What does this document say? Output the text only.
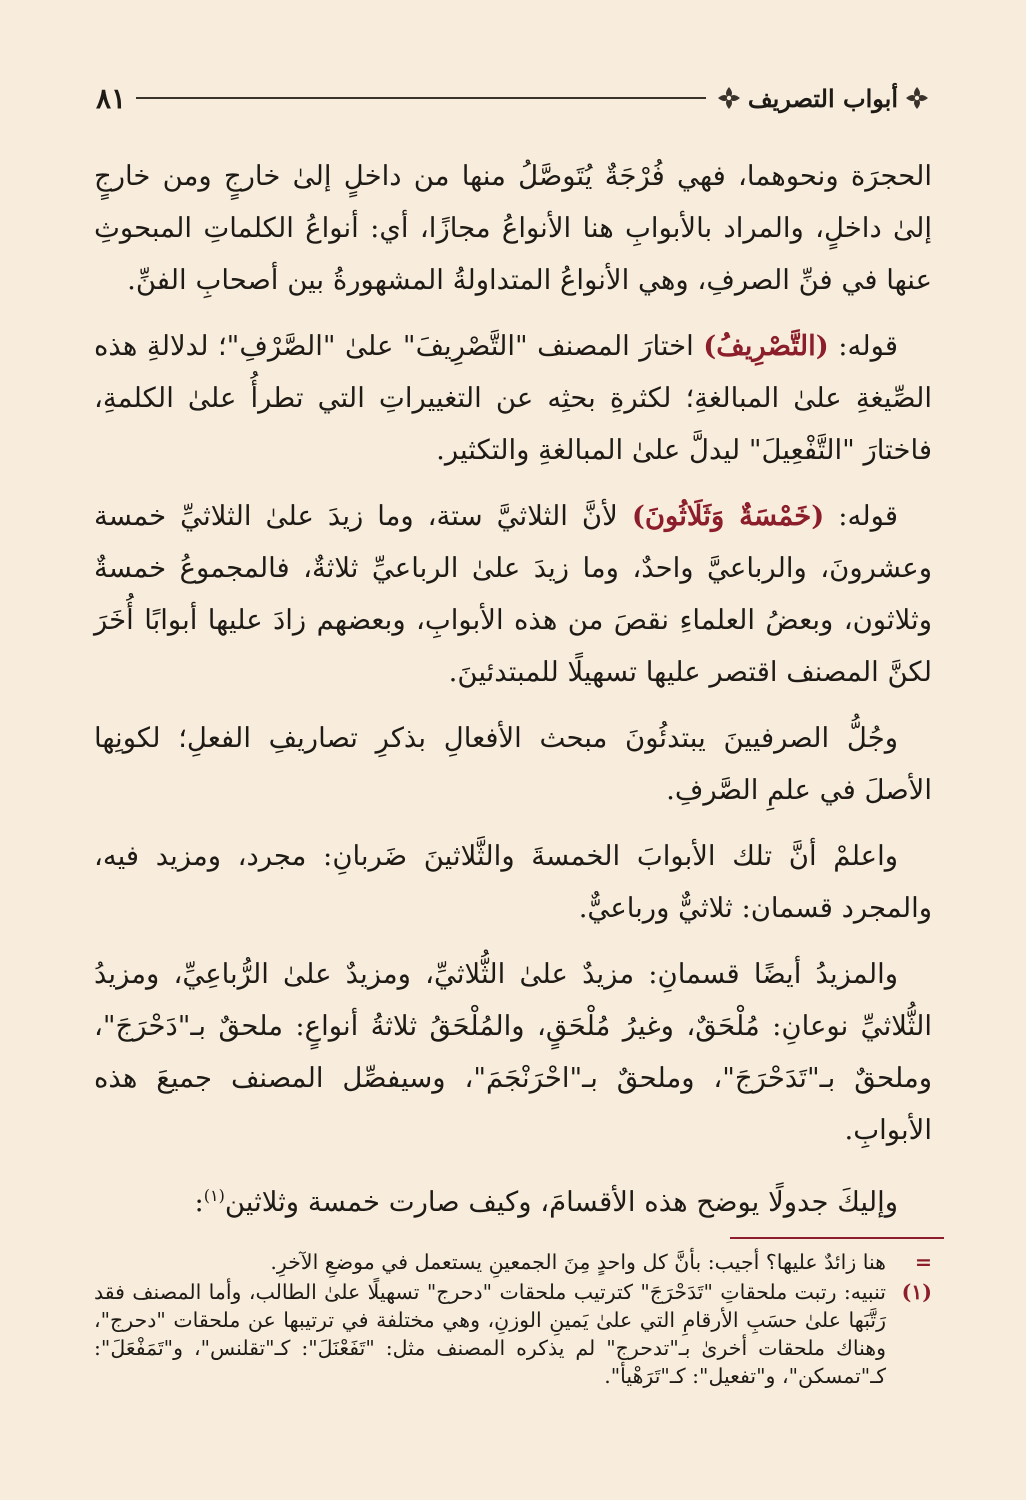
أبواب التصريف
٨١

الحجرَة ونحوهما، فهي فُرْجَةٌ يُتَوصَّلُ منها من داخلٍ إلىٰ خارجٍ ومن خارجٍ إلىٰ داخلٍ، والمراد بالأبوابِ هنا الأنواعُ مجازًا، أي: أنواعُ الكلماتِ المبحوثِ عنها في فنِّ الصرفِ، وهي الأنواعُ المتداولةُ المشهورةُ بين أصحابِ الفنِّ.

قوله: (التَّصْرِيفُ) اختارَ المصنف "التَّصْرِيفَ" علىٰ "الصَّرْفِ"؛ لدلالةِ هذه الصِّيغةِ علىٰ المبالغةِ؛ لكثرةِ بحثِه عن التغييراتِ التي تطرأُ علىٰ الكلمةِ، فاختارَ "التَّفْعِيلَ" ليدلَّ علىٰ المبالغةِ والتكثير.

قوله: (خَمْسَةٌ وَثَلَاثُونَ) لأنَّ الثلاثيَّ ستة، وما زيدَ علىٰ الثلاثيِّ خمسة وعشرونَ، والرباعيَّ واحدٌ، وما زيدَ علىٰ الرباعيِّ ثلاثةٌ، فالمجموعُ خمسةٌ وثلاثون، وبعضُ العلماءِ نقصَ من هذه الأبوابِ، وبعضهم زادَ عليها أبوابًا أُخَرَ لكنَّ المصنف اقتصر عليها تسهيلًا للمبتدئينَ.

وجُلُّ الصرفيينَ يبتدئُونَ مبحث الأفعالِ بذكرِ تصاريفِ الفعلِ؛ لكونِها الأصلَ في علمِ الصَّرفِ.

واعلمْ أنَّ تلك الأبوابَ الخمسةَ والثَّلاثينَ ضَربانِ: مجرد، ومزيد فيه، والمجرد قسمان: ثلاثيٌّ ورباعيٌّ.

والمزيدُ أيضًا قسمانِ: مزيدٌ علىٰ الثُّلاثيِّ، ومزيدٌ علىٰ الرُّباعِيِّ، ومزيدُ الثُّلاثيِّ نوعانِ: مُلْحَقٌ، وغيرُ مُلْحَقٍ، والمُلْحَقُ ثلاثةُ أنواعٍ: ملحقٌ بـ"دَحْرَجَ"، وملحقٌ بـ"تَدَحْرَجَ"، وملحقٌ بـ"احْرَنْجَمَ"، وسيفصِّل المصنف جميعَ هذه الأبوابِ.

وإليكَ جدولًا يوضح هذه الأقسامَ، وكيف صارت خمسة وثلاثين$^{(١)}$:

=
هنا زائدٌ عليها؟ أجيب: بأنَّ كل واحدٍ مِنَ الجمعينِ يستعمل في موضعِ الآخرِ.
(١)
تنبيه: رتبت ملحقاتِ "تَدَحْرَجَ" كترتيب ملحقات "دحرج" تسهيلًا علىٰ الطالب، وأما المصنف فقد رَتَّبَها علىٰ حسَبِ الأرقامِ التي علىٰ يَمينِ الوزنِ، وهي مختلفة في ترتيبها عن ملحقات "دحرج"، وهناك ملحقات أخرىٰ بـ"تدحرج" لم يذكره المصنف مثل: "تَفَعْنَلَ": كـ"تقلنس"، و"تَمَفْعَلَ": كـ"تمسكن"، و"تفعيل": كـ"تَرَهْيأ".
